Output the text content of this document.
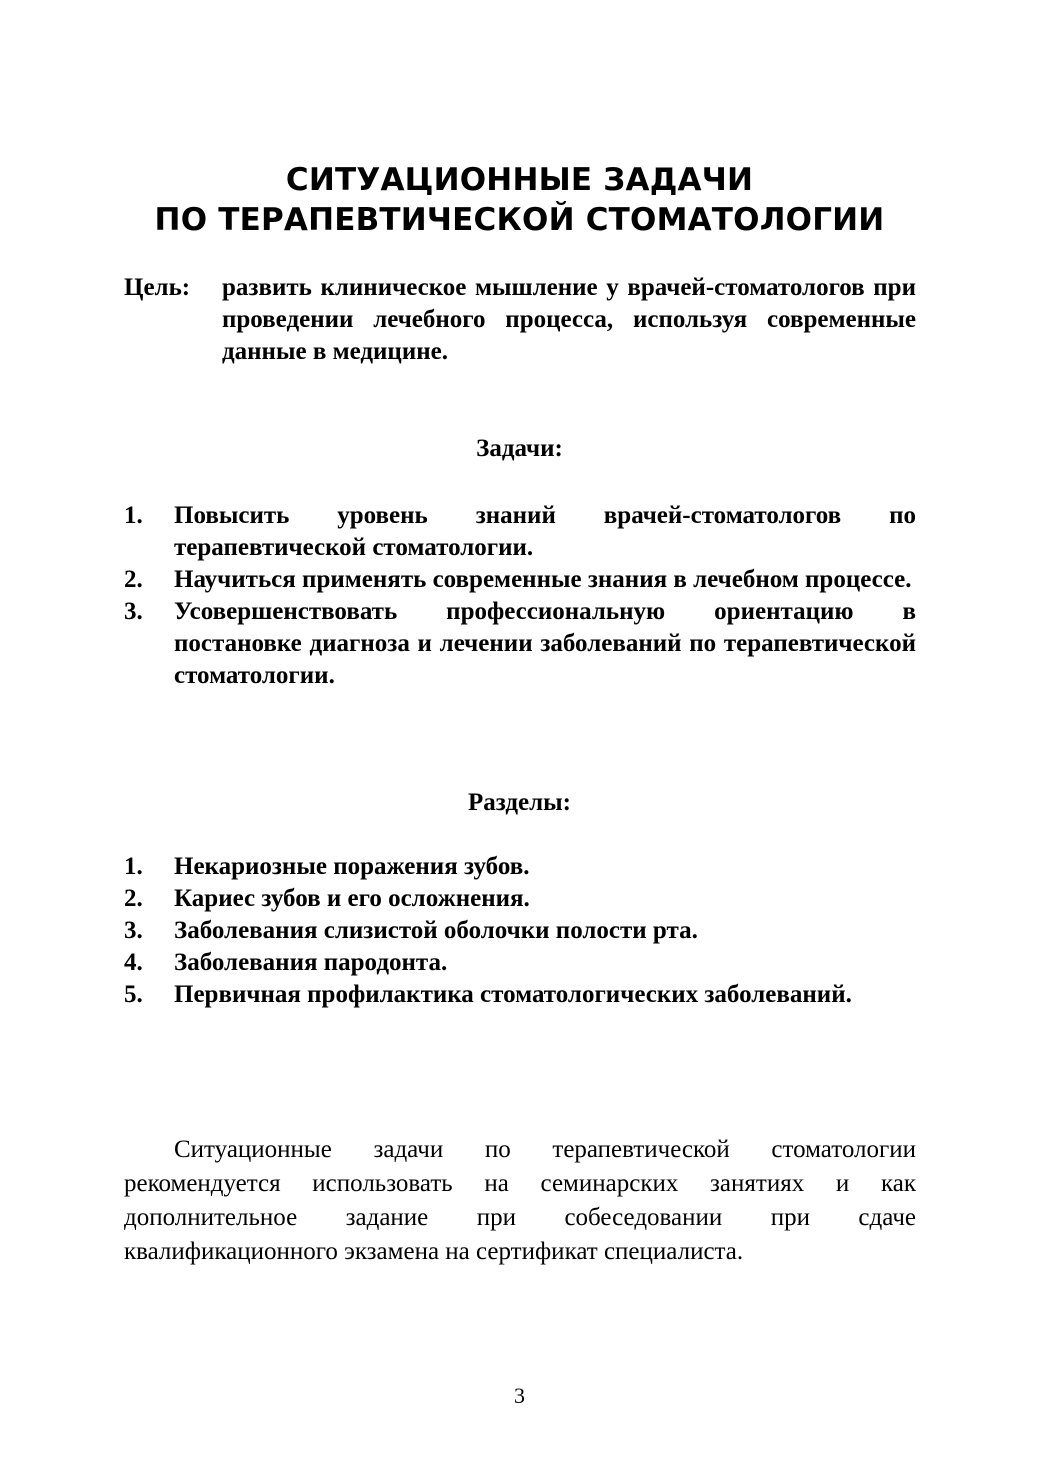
СИТУАЦИОННЫЕ ЗАДАЧИ
ПО ТЕРАПЕВТИЧЕСКОЙ СТОМАТОЛОГИИ
Цель: развить клиническое мышление у врачей-стоматологов при проведении лечебного процесса, используя современные данные в медицине.
Задачи:
1.	Повысить уровень знаний врачей-стоматологов по терапевтической стоматологии.
2.	Научиться применять современные знания в лечебном процессе.
3.	Усовершенствовать профессиональную ориентацию в постановке диагноза и лечении заболеваний по терапевтической стоматологии.
Разделы:
1.	Некариозные поражения зубов.
2.	Кариес зубов и его осложнения.
3.	Заболевания слизистой оболочки полости рта.
4.	Заболевания пародонта.
5.	Первичная профилактика стоматологических заболеваний.

Ситуационные задачи по терапевтической стоматологии рекомендуется использовать на семинарских занятиях и как дополнительное задание при собеседовании при сдаче квалификационного экзамена на сертификат специалиста.

3
